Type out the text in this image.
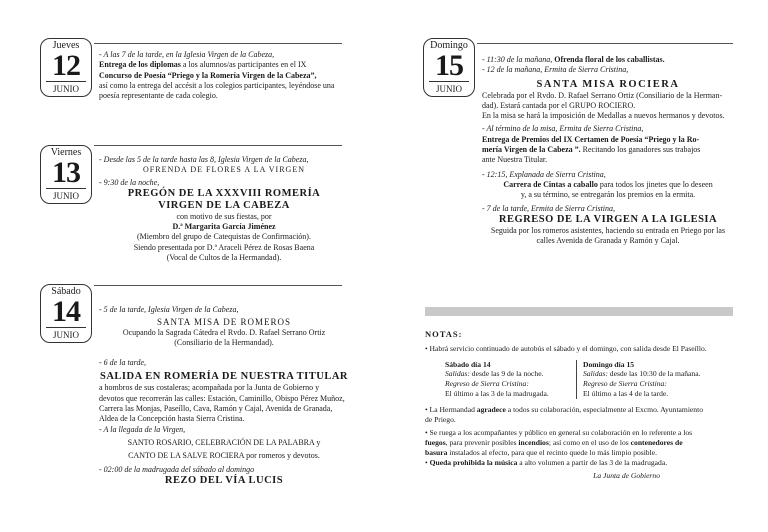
Jueves
12
JUNIO
- A las 7 de la tarde, en la Iglesia Virgen de la Cabeza,
Entrega de los diplomas a los alumnos/as participantes en el IX
Concurso de Poesía “Priego y la Romería Virgen de la Cabeza”,
así como la entrega del accésit a los colegios participantes, leyéndose una
poesía representante de cada colegio.
Viernes
13
JUNIO
- Desde las 5 de la tarde hasta las 8, Iglesia Virgen de la Cabeza,
OFRENDA DE FLORES A LA VIRGEN
- 9:30 de la noche,
PREGÓN DE LA XXXVIII ROMERÍA
VIRGEN DE LA CABEZA
con motivo de sus fiestas, por
D.ª Margarita García Jiménez
(Miembro del grupo de Catequistas de Confirmación).
Siendo presentada por D.ª Araceli Pérez de Rosas Baena
(Vocal de Cultos de la Hermandad).
Sábado
14
JUNIO
- 5 de la tarde, Iglesia Virgen de la Cabeza,
SANTA MISA DE ROMEROS
Ocupando la Sagrada Cátedra el Rvdo. D. Rafael Serrano Ortiz
(Consiliario de la Hermandad).
- 6 de la tarde,
SALIDA EN ROMERÍA DE NUESTRA TITULAR
a hombros de sus costaleras; acompañada por la Junta de Gobierno y
devotos que recorrerán las calles: Estación, Caminillo, Obispo Pérez Muñoz,
Carrera las Monjas, Paseíllo, Cava, Ramón y Cajal, Avenida de Granada,
Aldea de la Concepción hasta Sierra Cristina.
- A la llegada de la Virgen,
SANTO ROSARIO, CELEBRACIÓN DE LA PALABRA y
CANTO DE LA SALVE ROCIERA por romeros y devotos.
- 02:00 de la madrugada del sábado al domingo
REZO DEL VÍA LUCIS
Domingo
15
JUNIO
- 11:30 de la mañana, Ofrenda floral de los caballistas.
- 12 de la mañana, Ermita de Sierra Cristina,
SANTA MISA ROCIERA
Celebrada por el Rvdo. D. Rafael Serrano Ortiz (Consiliario de la Herman-
dad). Estará cantada por el GRUPO ROCIERO.
En la misa se hará la imposición de Medallas a nuevos hermanos y devotos.
- Al término de la misa, Ermita de Sierra Cristina,
Entrega de Premios del IX Certamen de Poesía “Priego y la Ro-
mería Virgen de la Cabeza ”. Recitando los ganadores sus trabajos
ante Nuestra Titular.
- 12:15, Explanada de Sierra Cristina,
Carrera de Cintas a caballo para todos los jinetes que lo deseen
y, a su término, se entregarán los premios en la ermita.
- 7 de la tarde, Ermita de Sierra Cristina,
REGRESO DE LA VIRGEN A LA IGLESIA
Seguida por los romeros asistentes, haciendo su entrada en Priego por las
calles Avenida de Granada y Ramón y Cajal.
NOTAS:
• Habrá servicio continuado de autobús el sábado y el domingo, con salida desde El Paseíllo.
Sábado día 14
Salidas: desde las 9 de la noche.
Regreso de Sierra Cristina:
El último a las 3 de la madrugada.
Domingo día 15
Salidas: desde las 10:30 de la mañana.
Regreso de Sierra Cristina:
El último a las 4 de la tarde.
• La Hermandad agradece a todos su colaboración, especialmente al Excmo. Ayuntamiento
de Priego.
• Se ruega a los acompañantes y público en general su colaboración en lo referente a los
fuegos, para prevenir posibles incendios; así como en el uso de los contenedores de
basura instalados al efecto, para que el recinto quede lo más limpio posible.
• Queda prohibida la música a alto volumen a partir de las 3 de la madrugada.
La Junta de Gobierno
